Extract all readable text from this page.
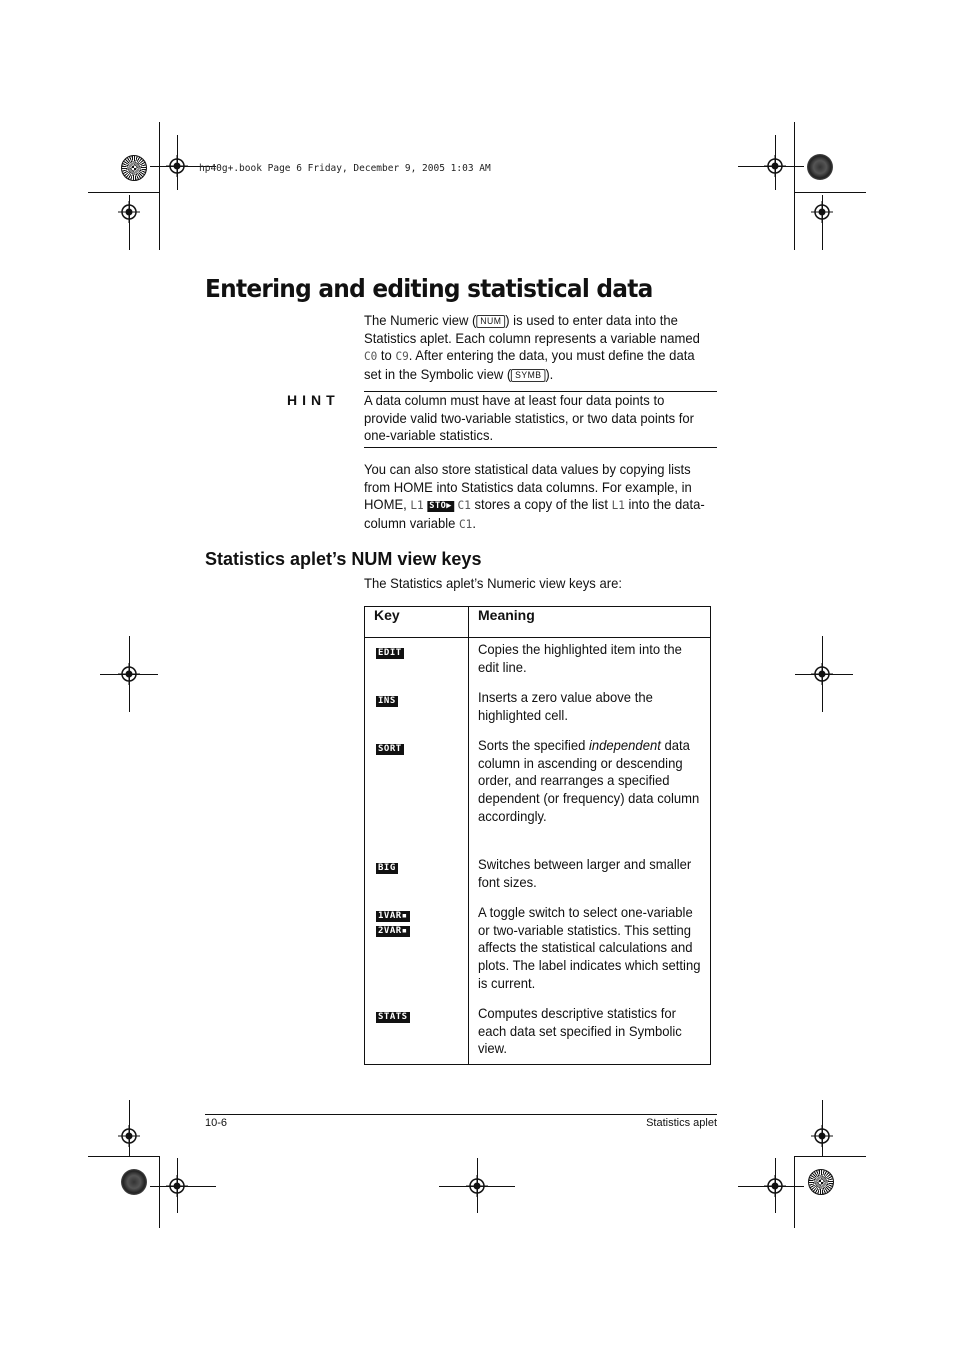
hp40g+.book Page 6 Friday, December 9, 2005 1:03 AM
Entering and editing statistical data
The Numeric view ( NUM ) is used to enter data into the Statistics aplet. Each column represents a variable named C0 to C9. After entering the data, you must define the data set in the Symbolic view ( SYMB ).
HINT A data column must have at least four data points to provide valid two-variable statistics, or two data points for one-variable statistics.
You can also store statistical data values by copying lists from HOME into Statistics data columns. For example, in HOME, L1 STO▶ C1 stores a copy of the list L1 into the data-column variable C1.
Statistics aplet’s NUM view keys
The Statistics aplet’s Numeric view keys are:
Key	Meaning
EDIT	Copies the highlighted item into the edit line.

INS	Inserts a zero value above the highlighted cell.

SORT	Sorts the specified independent data column in ascending or descending order, and rearranges a specified dependent (or frequency) data column accordingly.

BIG	Switches between larger and smaller font sizes.

1VAR▪
2VAR▪	A toggle switch to select one-variable or two-variable statistics. This setting affects the statistical calculations and plots. The label indicates which setting is current.

STATS	Computes descriptive statistics for each data set specified in Symbolic view.
10-6	Statistics aplet
